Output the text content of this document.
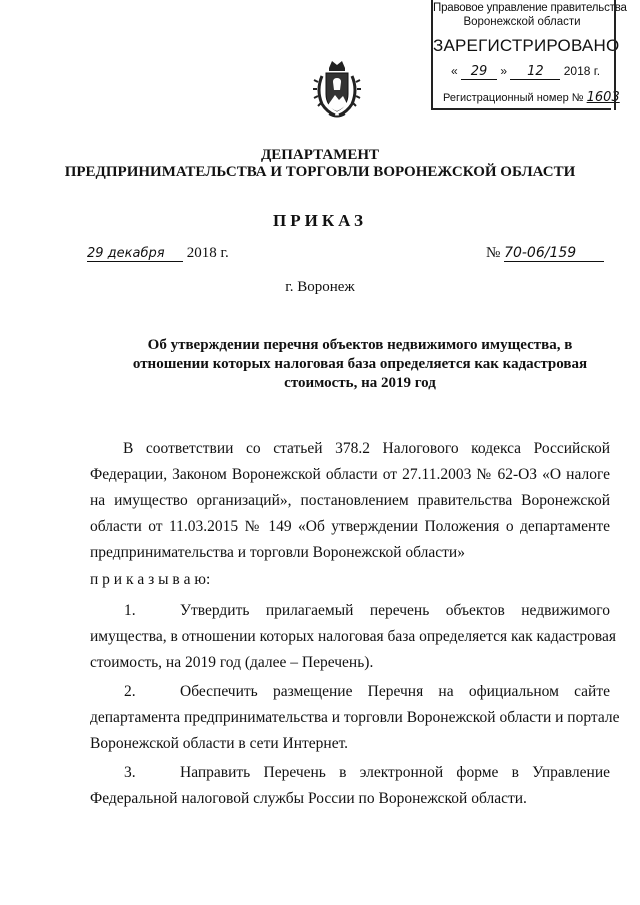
Правовое управление правительства
Воронежской области
ЗАРЕГИСТРИРОВАНО
« 29 » 12 2018 г.
Регистрационный номер № 1603
ДЕПАРТАМЕНТ
ПРЕДПРИНИМАТЕЛЬСТВА И ТОРГОВЛИ ВОРОНЕЖСКОЙ ОБЛАСТИ
ПРИКАЗ
29 декабря 2018 г.	№ 70-06/159
г. Воронеж
Об утверждении перечня объектов недвижимого имущества, в
отношении которых налоговая база определяется как кадастровая
стоимость, на 2019 год
В соответствии со статьей 378.2 Налогового кодекса Российской
Федерации, Законом Воронежской области от 27.11.2003 № 62-ОЗ «О налоге
на имущество организаций», постановлением правительства Воронежской
области от 11.03.2015 № 149 «Об утверждении Положения о департаменте
предпринимательства и торговли Воронежской области»
п р и к а з ы в а ю:
1.	Утвердить прилагаемый перечень объектов недвижимого
имущества, в отношении которых налоговая база определяется как кадастровая
стоимость, на 2019 год (далее – Перечень).
2.	Обеспечить размещение Перечня на официальном сайте
департамента предпринимательства и торговли Воронежской области и портале
Воронежской области в сети Интернет.
3.	Направить Перечень в электронной форме в Управление
Федеральной налоговой службы России по Воронежской области.
